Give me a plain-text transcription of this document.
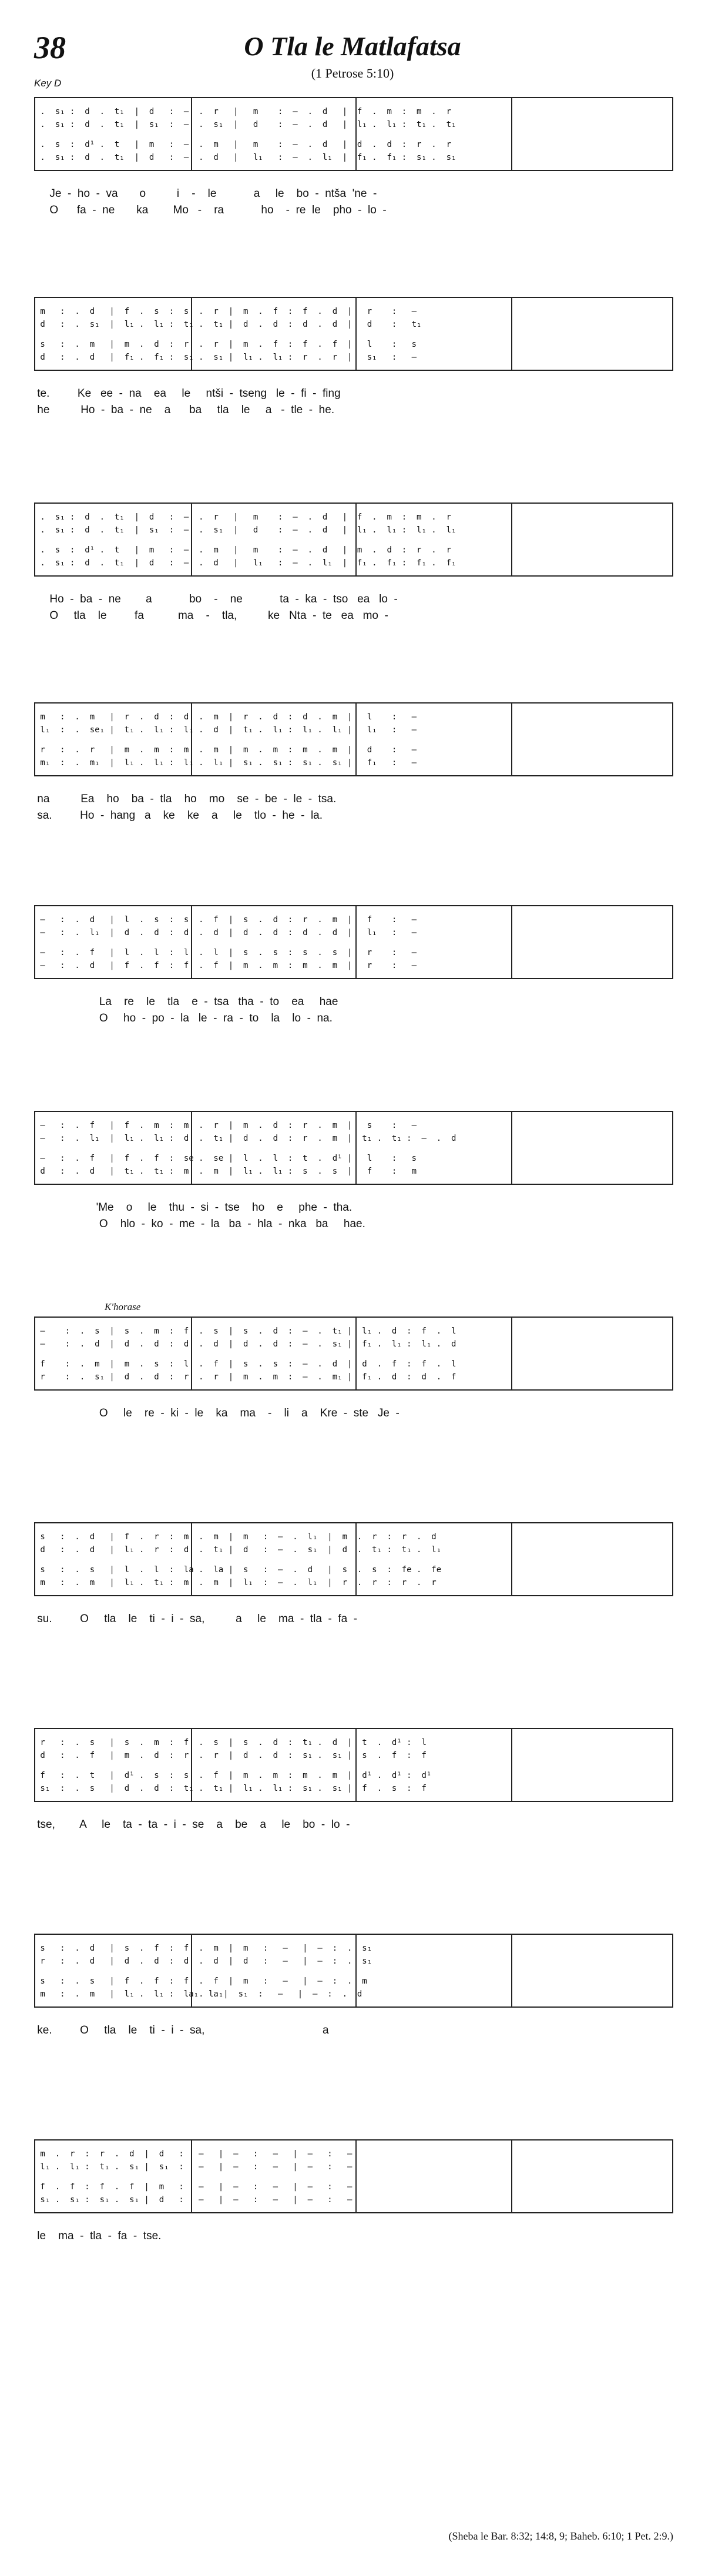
38	O Tla le Matlafatsa
(1 Petrose 5:10)
Key D
.  s₁ :  d  .  t₁  |  d   :  –  .  r   |   m    :  –  .  d   |  f  .  m  :  m  .  r
.  s₁ :  d  .  t₁  |  s₁  :  –  .  s₁  |   d    :  –  .  d   |  l₁ .  l₁ :  t₁ .  t₁
.  s  :  d¹ .  t   |  m   :  –  .  m   |   m    :  –  .  d   |  d  .  d  :  r  .  r
.  s₁ :  d  .  t₁  |  d   :  –  .  d   |   l₁   :  –  .  l₁  |  f₁ .  f₁ :  s₁ .  s₁
Je  -  ho  -  va       o          i    -    le            a     le    bo  -  ntša  'ne  -
O      fa  -  ne       ka        Mo   -    ra            ho    -  re  le    pho  -  lo  -
m   :  .  d   |  f  .  s  :  s  .  r  |  m  .  f  :  f  .  d  |   r    :   —
d   :  .  s₁  |  l₁ .  l₁ :  t₁ .  t₁ |  d  .  d  :  d  .  d  |   d    :   t₁
s   :  .  m   |  m  .  d  :  r  .  r  |  m  .  f  :  f  .  f  |   l    :   s
d   :  .  d   |  f₁ .  f₁ :  s₁ .  s₁ |  l₁ .  l₁ :  r  .  r  |   s₁   :   —
te.         Ke   ee  -  na    ea     le     ntši  -  tseng   le  -  fi  -  fing
he          Ho  -  ba  -  ne    a      ba     tla    le     a   -  tle  -  he.
.  s₁ :  d  .  t₁  |  d   :  –  .  r   |   m    :  –  .  d   |  f  .  m  :  m  .  r
.  s₁ :  d  .  t₁  |  s₁  :  –  .  s₁  |   d    :  –  .  d   |  l₁ .  l₁ :  l₁ .  l₁
.  s  :  d¹ .  t   |  m   :  –  .  m   |   m    :  –  .  d   |  m  .  d  :  r  .  r
.  s₁ :  d  .  t₁  |  d   :  –  .  d   |   l₁   :  –  .  l₁  |  f₁ .  f₁ :  f₁ .  f₁
Ho  -  ba  -  ne        a            bo    -    ne            ta  -  ka  -  tso   ea   lo  -
O     tla    le         fa           ma    -    tla,          ke   Nta  -  te   ea   mo  -
m   :  .  m   |  r  .  d  :  d  .  m  |  r  .  d  :  d  .  m  |   l    :   —
l₁  :  .  se₁ |  t₁ .  l₁ :  l₁ .  d  |  t₁ .  l₁ :  l₁ .  l₁ |   l₁   :   —
r   :  .  r   |  m  .  m  :  m  .  m  |  m  .  m  :  m  .  m  |   d    :   —
m₁  :  .  m₁  |  l₁ .  l₁ :  l₁ .  l₁ |  s₁ .  s₁ :  s₁ .  s₁ |   f₁   :   —
na          Ea    ho    ba  -  tla    ho    mo    se  -  be  -  le  -  tsa.
sa.         Ho  -  hang   a    ke    ke    a     le    tlo  -  he  -  la.
—   :  .  d   |  l  .  s  :  s  .  f  |  s  .  d  :  r  .  m  |   f    :   —
—   :  .  l₁  |  d  .  d  :  d  .  d  |  d  .  d  :  d  .  d  |   l₁   :   —
—   :  .  f   |  l  .  l  :  l  .  l  |  s  .  s  :  s  .  s  |   r    :   —
—   :  .  d   |  f  .  f  :  f  .  f  |  m  .  m  :  m  .  m  |   r    :   —
La    re    le    tla    e  -  tsa   tha  -  to    ea     hae
O     ho  -  po  -  la   le  -  ra  -  to    la    lo  -  na.
—   :  .  f   |  f  .  m  :  m  .  r  |  m  .  d  :  r  .  m  |   s    :   —
—   :  .  l₁  |  l₁ .  l₁ :  d  .  t₁ |  d  .  d  :  r  .  m  |  t₁ .  t₁ :  –  .  d
—   :  .  f   |  f  .  f  :  se .  se |  l  .  l  :  t  .  d¹ |   l    :   s
d   :  .  d   |  t₁ .  t₁ :  m  .  m  |  l₁ .  l₁ :  s  .  s  |   f    :   m
'Me    o     le    thu  -  si  -  tse    ho    e     phe  -  tha.
O    hlo  -  ko  -  me  -  la   ba  -  hla  -  nka   ba     hae.
K'horase
—    :  .  s  |  s  .  m  :  f  .  s  |  s  .  d  :  –  .  t₁ |  l₁ .  d  :  f  .  l
—    :  .  d  |  d  .  d  :  d  .  d  |  d  .  d  :  –  .  s₁ |  f₁ .  l₁ :  l₁ .  d
f    :  .  m  |  m  .  s  :  l  .  f  |  s  .  s  :  –  .  d  |  d  .  f  :  f  .  l
r    :  .  s₁ |  d  .  d  :  r  .  r  |  m  .  m  :  –  .  m₁ |  f₁ .  d  :  d  .  f
O     le    re  -  ki  -  le    ka    ma    -    li    a    Kre  -  ste   Je  -
s   :  .  d   |  f  .  r  :  m  .  m  |  m   :  –  .  l₁  |  m  .  r  :  r  .  d
d   :  .  d   |  l₁ .  r  :  d  .  t₁ |  d   :  –  .  s₁  |  d  .  t₁ :  t₁ .  l₁
s   :  .  s   |  l  .  l  :  la .  la |  s   :  –  .  d   |  s  .  s  :  fe .  fe
m   :  .  m   |  l₁ .  t₁ :  m  .  m  |  l₁  :  –  .  l₁  |  r  .  r  :  r  .  r
su.         O     tla    le    ti  -  i  -  sa,          a     le    ma  -  tla  -  fa  -
r   :  .  s   |  s  .  m  :  f  .  s  |  s  .  d  :  t₁ .  d  |  t  .  d¹ :  l
d   :  .  f   |  m  .  d  :  r  .  r  |  d  .  d  :  s₁ .  s₁ |  s  .  f  :  f
f   :  .  t   |  d¹ .  s  :  s  .  f  |  m  .  m  :  m  .  m  |  d¹ .  d¹ :  d¹
s₁  :  .  s   |  d  .  d  :  t₁ .  t₁ |  l₁ .  l₁ :  s₁ .  s₁ |  f  .  s  :  f
tse,        A     le    ta  -  ta  -  i  -  se    a    be    a     le    bo  -  lo  -
s   :  .  d   |  s  .  f  :  f  .  m  |  m   :   —   |  —  :  .  s₁
r   :  .  d   |  d  .  d  :  d  .  d  |  d   :   —   |  —  :  .  s₁
s   :  .  s   |  f  .  f  :  f  .  f  |  m   :   —   |  —  :  .  m
m   :  .  m   |  l₁ .  l₁ :  la₁. la₁|  s₁  :   —   |  —  :  .  d
ke.         O     tla    le    ti  -  i  -  sa,                                      a
m  .  r  :  r  .  d  |  d   :   —   |  —   :   —   |  —   :   —
l₁ .  l₁ :  t₁ .  s₁ |  s₁  :   —   |  —   :   —   |  —   :   —
f  .  f  :  f  .  f  |  m   :   —   |  —   :   —   |  —   :   —
s₁ .  s₁ :  s₁ .  s₁ |  d   :   —   |  —   :   —   |  —   :   —
le    ma  -  tla  -  fa  -  tse.
(Sheba le Bar. 8:32; 14:8, 9; Baheb. 6:10; 1 Pet. 2:9.)
